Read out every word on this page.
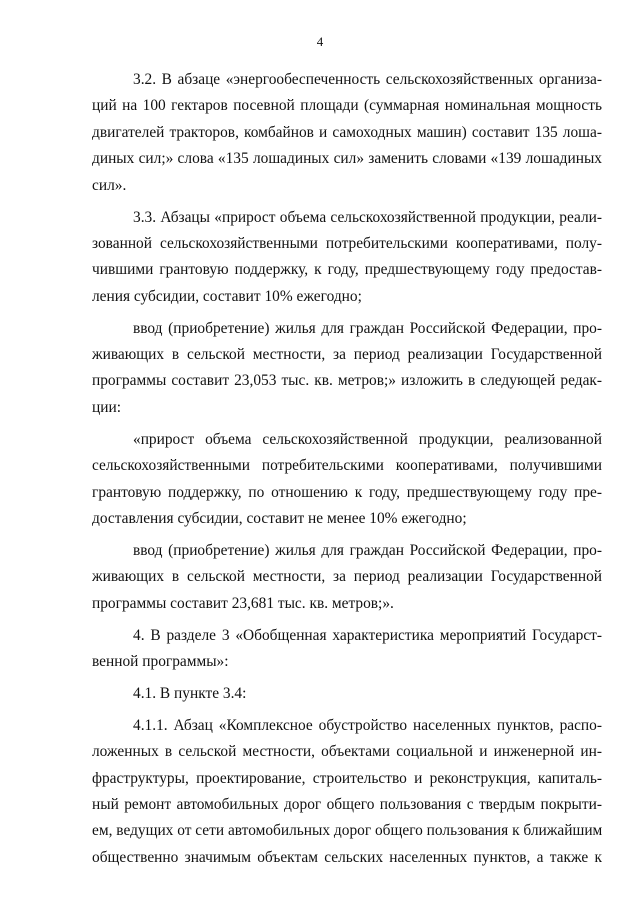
4
3.2. В абзаце «энергообеспеченность сельскохозяйственных организа-
ций на 100 гектаров посевной площади (суммарная номинальная мощность
двигателей тракторов, комбайнов и самоходных машин) составит 135 лоша-
диных сил;» слова «135 лошадиных сил» заменить словами «139 лошадиных
сил».
3.3. Абзацы «прирост объема сельскохозяйственной продукции, реали-
зованной сельскохозяйственными потребительскими кооперативами, полу-
чившими грантовую поддержку, к году, предшествующему году предостав-
ления субсидии, составит 10% ежегодно;
ввод (приобретение) жилья для граждан Российской Федерации, про-
живающих в сельской местности, за период реализации Государственной
программы составит 23,053 тыс. кв. метров;» изложить в следующей редак-
ции:
«прирост объема сельскохозяйственной продукции, реализованной
сельскохозяйственными потребительскими кооперативами, получившими
грантовую поддержку, по отношению к году, предшествующему году пре-
доставления субсидии, составит не менее 10% ежегодно;
ввод (приобретение) жилья для граждан Российской Федерации, про-
живающих в сельской местности, за период реализации Государственной
программы составит 23,681 тыс. кв. метров;».
4. В разделе 3 «Обобщенная характеристика мероприятий Государст-
венной программы»:
4.1. В пункте 3.4:
4.1.1. Абзац «Комплексное обустройство населенных пунктов, распо-
ложенных в сельской местности, объектами социальной и инженерной ин-
фраструктуры, проектирование, строительство и реконструкция, капиталь-
ный ремонт автомобильных дорог общего пользования с твердым покрыти-
ем, ведущих от сети автомобильных дорог общего пользования к ближайшим
общественно значимым объектам сельских населенных пунктов, а также к
